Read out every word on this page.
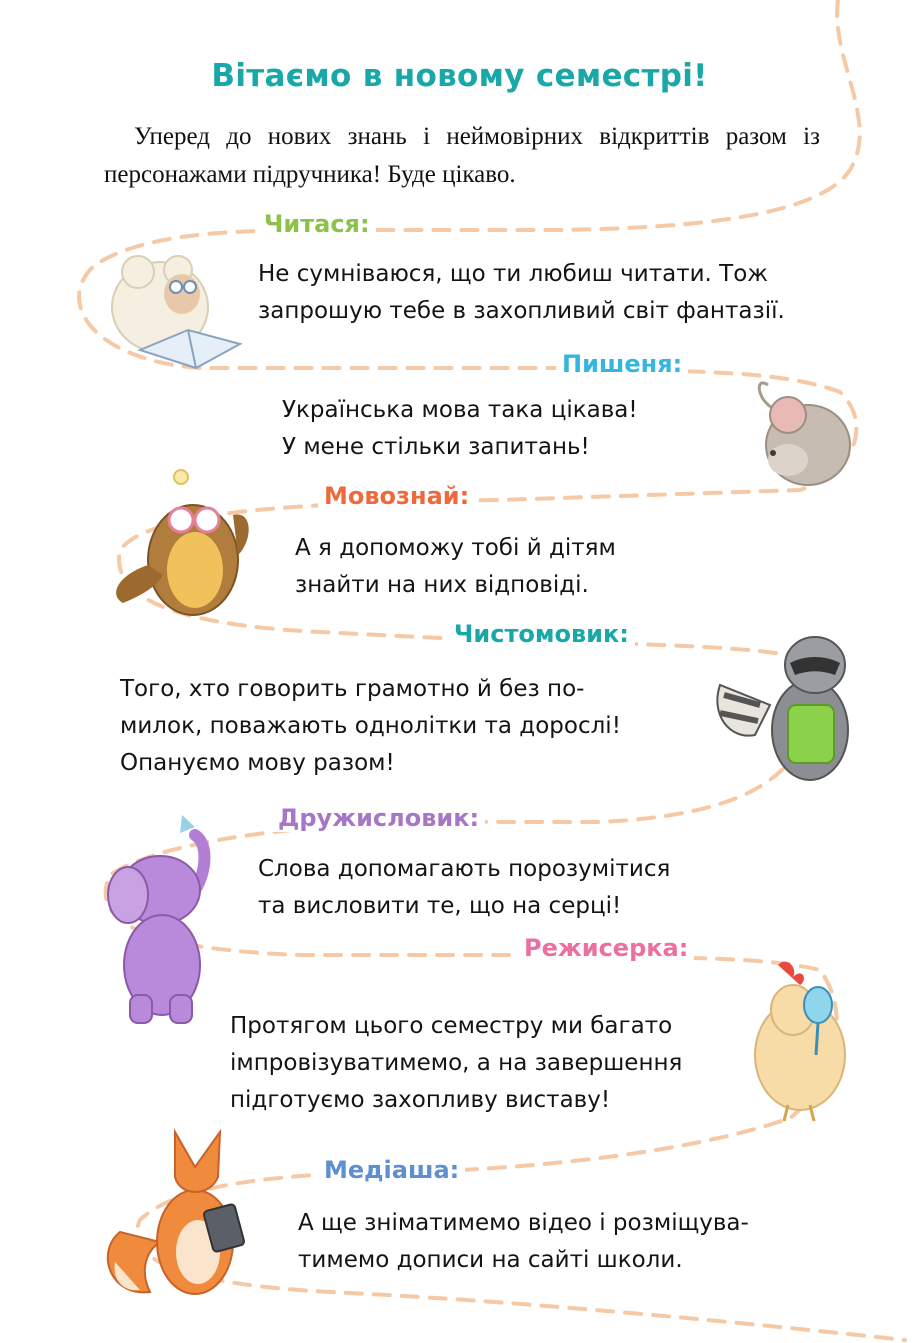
Вітаємо в новому семестрі!
Уперед до нових знань і неймовірних відкриттів разом із персонажами підручника! Буде цікаво.
Читася:
Не сумніваюся, що ти любиш читати. Тож
запрошую тебе в захопливий світ фантазії.
Пишеня:
Українська мова така цікава!
У мене стільки запитань!
Мовознай:
А я допоможу тобі й дітям
знайти на них відповіді.
Чистомовик:
Того, хто говорить грамотно й без по-
милок, поважають однолітки та дорослі!
Опануємо мову разом!
Дружисловик:
Слова допомагають порозумітися
та висловити те, що на серці!
Режисерка:
Протягом цього семестру ми багато
імпровізуватимемо, а на завершення
підготуємо захопливу виставу!
Медіаша:
А ще зніматимемо відео і розміщува-
тимемо дописи на сайті школи.
